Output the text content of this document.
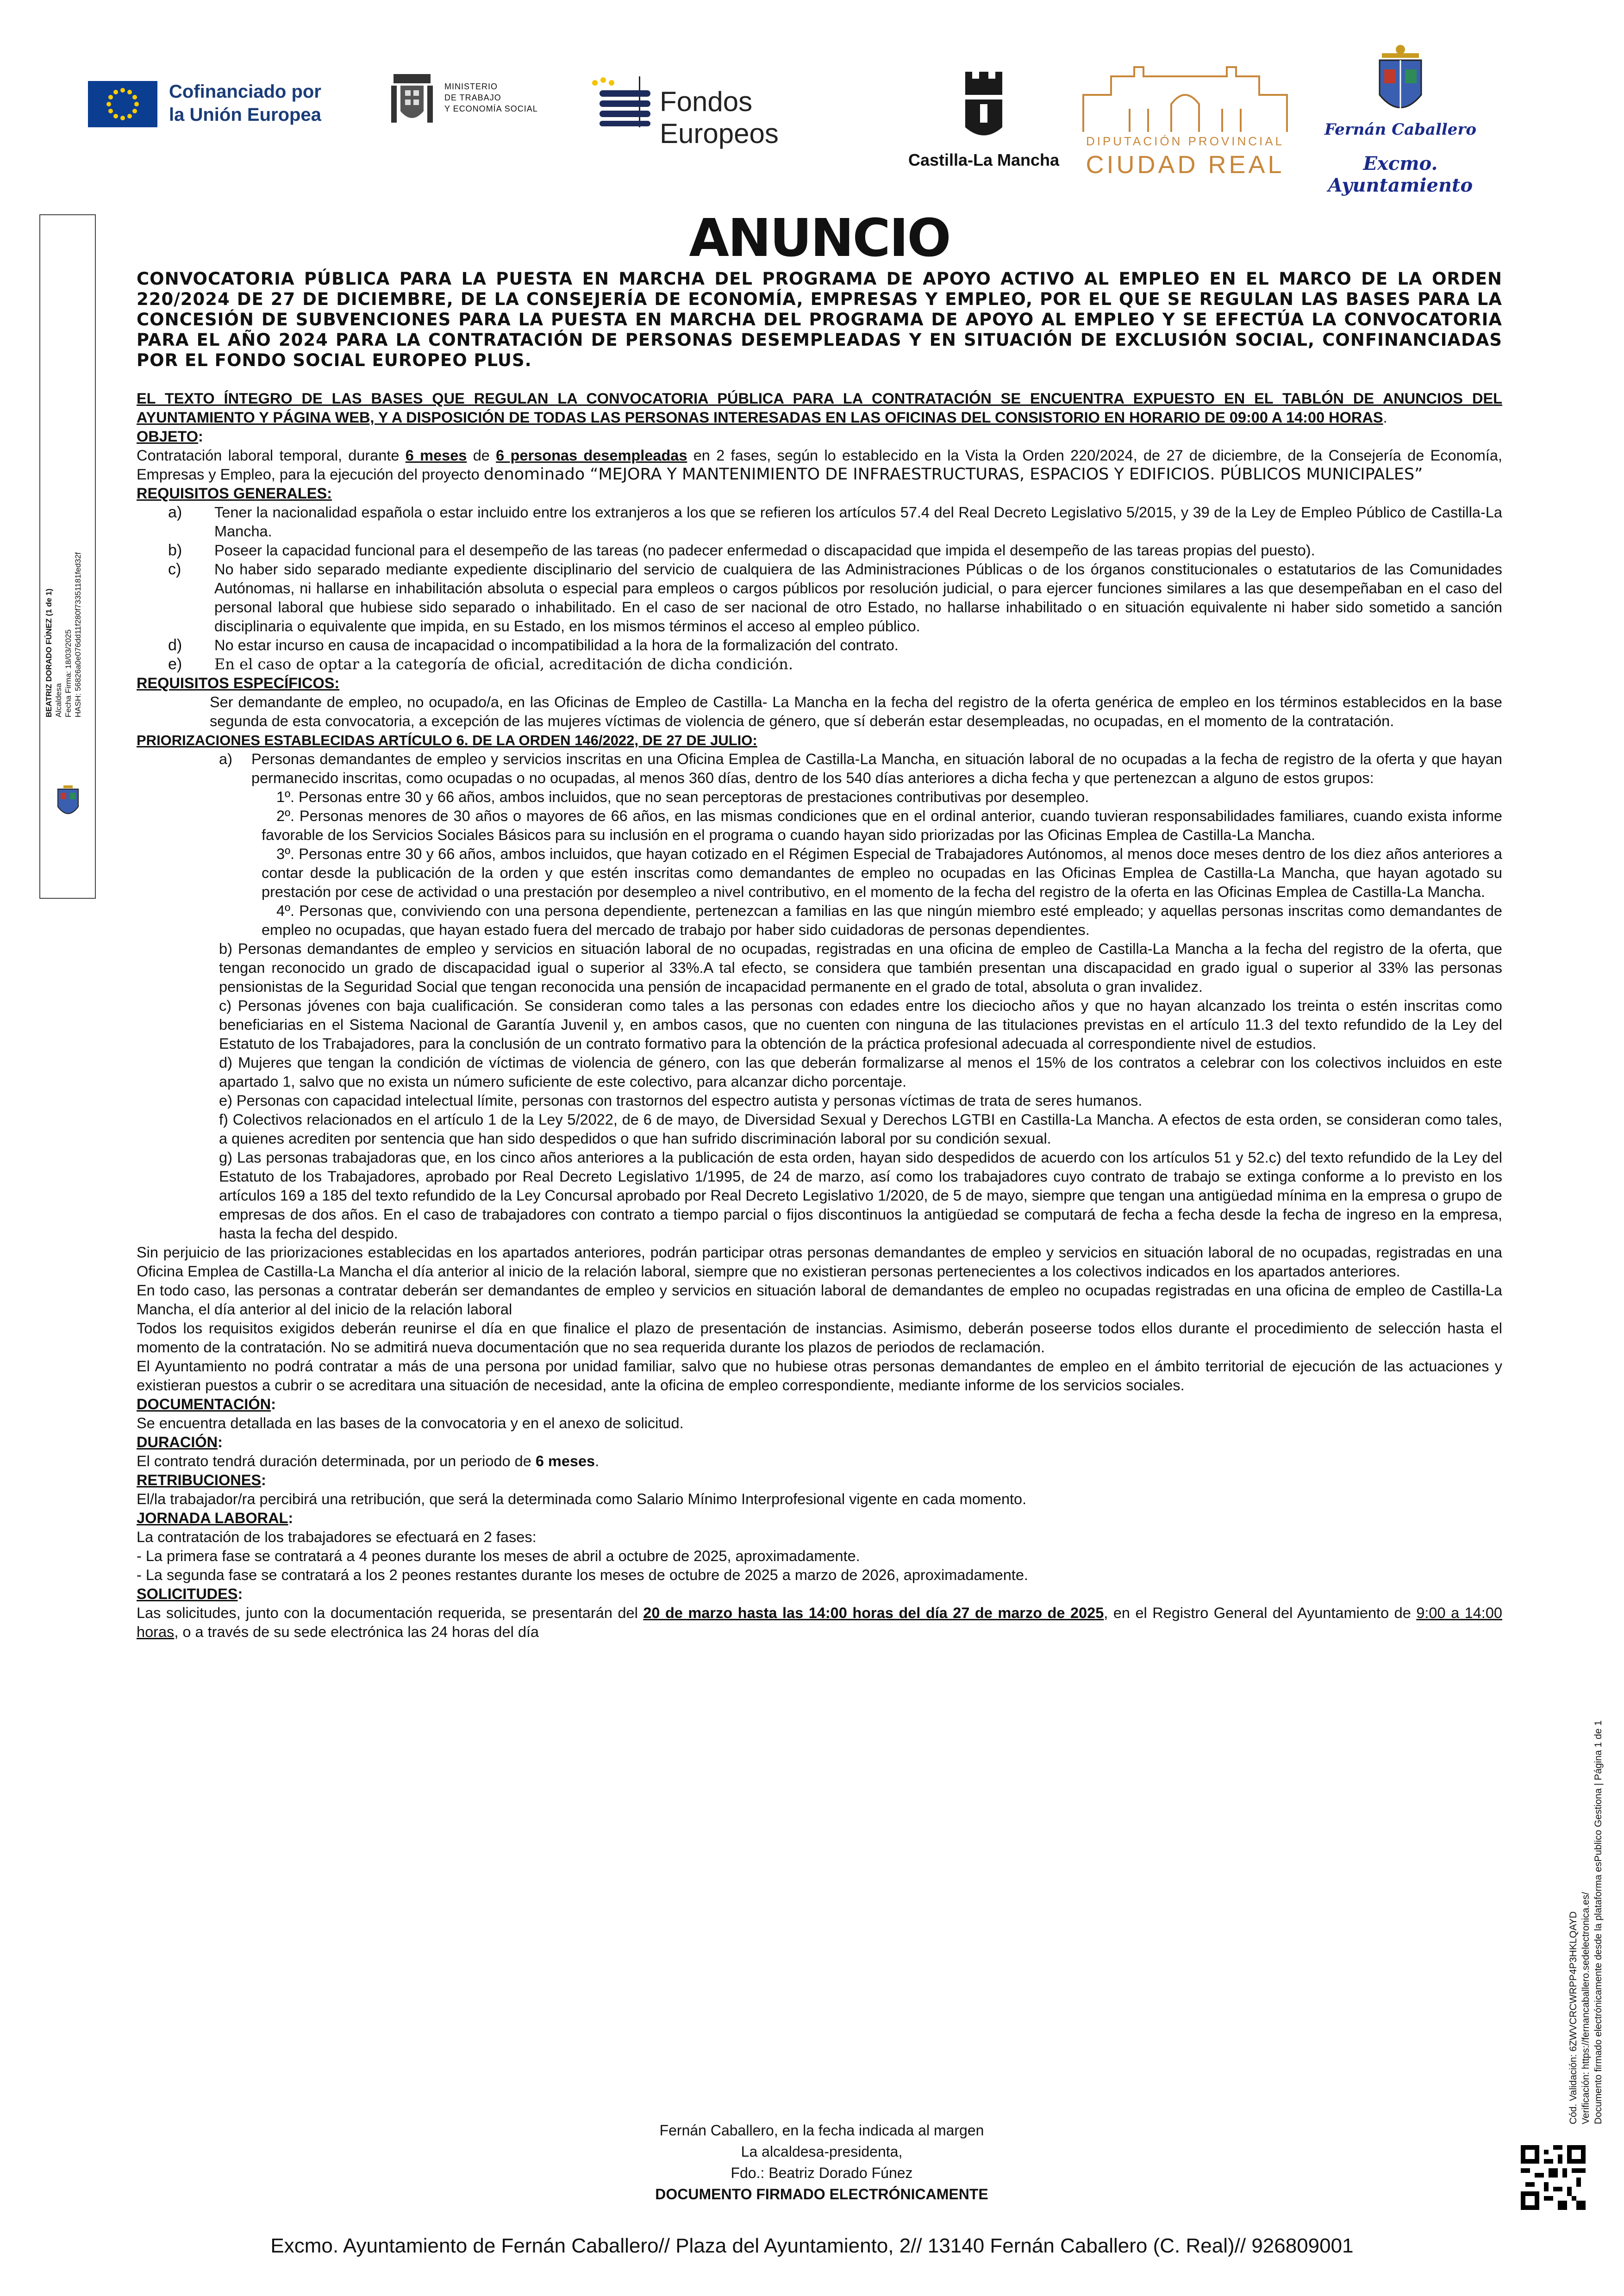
Cofinanciado por
la Unión Europea
MINISTERIO
DE TRABAJO
Y ECONOMÍA SOCIAL	Fondos Europeos
Castilla-La Mancha
DIPUTACIÓN PROVINCIAL
CIUDAD REAL
Fernán Caballero
Excmo. Ayuntamiento
BEATRIZ DORADO FÚNEZ (1 de 1) Alcaldesa Fecha Firma: 18/03/2025 HASH: 56826a0e076dd11f280f73351181fed32f
Cód. Validación: 6ZWVCRCWRPP4P3HKLQAYD Verificación: https://fernancaballero.sedelectronica.es/ Documento firmado electrónicamente desde la plataforma esPublico Gestiona | Página 1 de 1
ANUNCIO

CONVOCATORIA PÚBLICA PARA LA PUESTA EN MARCHA DEL PROGRAMA DE APOYO ACTIVO AL EMPLEO EN EL MARCO DE LA ORDEN 220/2024 DE 27 DE DICIEMBRE, DE LA CONSEJERÍA DE ECONOMÍA, EMPRESAS Y EMPLEO, POR EL QUE SE REGULAN LAS BASES PARA LA CONCESIÓN DE SUBVENCIONES PARA LA PUESTA EN MARCHA DEL PROGRAMA DE APOYO AL EMPLEO Y SE EFECTÚA LA CONVOCATORIA PARA EL AÑO 2024 PARA LA CONTRATACIÓN DE PERSONAS DESEMPLEADAS Y EN SITUACIÓN DE EXCLUSIÓN SOCIAL, CONFINANCIADAS POR EL FONDO SOCIAL EUROPEO PLUS.

EL TEXTO ÍNTEGRO DE LAS BASES QUE REGULAN LA CONVOCATORIA PÚBLICA PARA LA CONTRATACIÓN SE ENCUENTRA EXPUESTO EN EL TABLÓN DE ANUNCIOS DEL AYUNTAMIENTO Y PÁGINA WEB, Y A DISPOSICIÓN DE TODAS LAS PERSONAS INTERESADAS EN LAS OFICINAS DEL CONSISTORIO EN HORARIO DE 09:00 A 14:00 HORAS.

OBJETO:

Contratación laboral temporal, durante 6 meses de 6 personas desempleadas en 2 fases, según lo establecido en la Vista la Orden 220/2024, de 27 de diciembre, de la Consejería de Economía, Empresas y Empleo, para la ejecución del proyecto denominado “MEJORA Y MANTENIMIENTO DE INFRAESTRUCTURAS, ESPACIOS Y EDIFICIOS. PÚBLICOS MUNICIPALES”

REQUISITOS GENERALES:

a)	Tener la nacionalidad española o estar incluido entre los extranjeros a los que se refieren los artículos 57.4 del Real Decreto Legislativo 5/2015, y 39 de la Ley de Empleo Público de Castilla-La Mancha.
b)	Poseer la capacidad funcional para el desempeño de las tareas (no padecer enfermedad o discapacidad que impida el desempeño de las tareas propias del puesto).
c)	No haber sido separado mediante expediente disciplinario del servicio de cualquiera de las Administraciones Públicas o de los órganos constitucionales o estatutarios de las Comunidades Autónomas, ni hallarse en inhabilitación absoluta o especial para empleos o cargos públicos por resolución judicial, o para ejercer funciones similares a las que desempeñaban en el caso del personal laboral que hubiese sido separado o inhabilitado. En el caso de ser nacional de otro Estado, no hallarse inhabilitado o en situación equivalente ni haber sido sometido a sanción disciplinaria o equivalente que impida, en su Estado, en los mismos términos el acceso al empleo público.
d)	No estar incurso en causa de incapacidad o incompatibilidad a la hora de la formalización del contrato.
e)	En el caso de optar a la categoría de oficial, acreditación de dicha condición.

REQUISITOS ESPECÍFICOS:

Ser demandante de empleo, no ocupado/a, en las Oficinas de Empleo de Castilla- La Mancha en la fecha del registro de la oferta genérica de empleo en los términos establecidos en la base segunda de esta convocatoria, a excepción de las mujeres víctimas de violencia de género, que sí deberán estar desempleadas, no ocupadas, en el momento de la contratación.

PRIORIZACIONES ESTABLECIDAS ARTÍCULO 6. DE LA ORDEN 146/2022, DE 27 DE JULIO:

a)	Personas demandantes de empleo y servicios inscritas en una Oficina Emplea de Castilla-La Mancha, en situación laboral de no ocupadas a la fecha de registro de la oferta y que hayan permanecido inscritas, como ocupadas o no ocupadas, al menos 360 días, dentro de los 540 días anteriores a dicha fecha y que pertenezcan a alguno de estos grupos:

1º. Personas entre 30 y 66 años, ambos incluidos, que no sean perceptoras de prestaciones contributivas por desempleo.

2º. Personas menores de 30 años o mayores de 66 años, en las mismas condiciones que en el ordinal anterior, cuando tuvieran responsabilidades familiares, cuando exista informe favorable de los Servicios Sociales Básicos para su inclusión en el programa o cuando hayan sido priorizadas por las Oficinas Emplea de Castilla-La Mancha.

3º. Personas entre 30 y 66 años, ambos incluidos, que hayan cotizado en el Régimen Especial de Trabajadores Autónomos, al menos doce meses dentro de los diez años anteriores a contar desde la publicación de la orden y que estén inscritas como demandantes de empleo no ocupadas en las Oficinas Emplea de Castilla-La Mancha, que hayan agotado su prestación por cese de actividad o una prestación por desempleo a nivel contributivo, en el momento de la fecha del registro de la oferta en las Oficinas Emplea de Castilla-La Mancha.

4º. Personas que, conviviendo con una persona dependiente, pertenezcan a familias en las que ningún miembro esté empleado; y aquellas personas inscritas como demandantes de empleo no ocupadas, que hayan estado fuera del mercado de trabajo por haber sido cuidadoras de personas dependientes.

b) Personas demandantes de empleo y servicios en situación laboral de no ocupadas, registradas en una oficina de empleo de Castilla-La Mancha a la fecha del registro de la oferta, que tengan reconocido un grado de discapacidad igual o superior al 33%.A tal efecto, se considera que también presentan una discapacidad en grado igual o superior al 33% las personas pensionistas de la Seguridad Social que tengan reconocida una pensión de incapacidad permanente en el grado de total, absoluta o gran invalidez.

c) Personas jóvenes con baja cualificación. Se consideran como tales a las personas con edades entre los dieciocho años y que no hayan alcanzado los treinta o estén inscritas como beneficiarias en el Sistema Nacional de Garantía Juvenil y, en ambos casos, que no cuenten con ninguna de las titulaciones previstas en el artículo 11.3 del texto refundido de la Ley del Estatuto de los Trabajadores, para la conclusión de un contrato formativo para la obtención de la práctica profesional adecuada al correspondiente nivel de estudios.

d) Mujeres que tengan la condición de víctimas de violencia de género, con las que deberán formalizarse al menos el 15% de los contratos a celebrar con los colectivos incluidos en este apartado 1, salvo que no exista un número suficiente de este colectivo, para alcanzar dicho porcentaje.

e) Personas con capacidad intelectual límite, personas con trastornos del espectro autista y personas víctimas de trata de seres humanos.

f) Colectivos relacionados en el artículo 1 de la Ley 5/2022, de 6 de mayo, de Diversidad Sexual y Derechos LGTBI en Castilla-La Mancha. A efectos de esta orden, se consideran como tales, a quienes acrediten por sentencia que han sido despedidos o que han sufrido discriminación laboral por su condición sexual.

g) Las personas trabajadoras que, en los cinco años anteriores a la publicación de esta orden, hayan sido despedidos de acuerdo con los artículos 51 y 52.c) del texto refundido de la Ley del Estatuto de los Trabajadores, aprobado por Real Decreto Legislativo 1/1995, de 24 de marzo, así como los trabajadores cuyo contrato de trabajo se extinga conforme a lo previsto en los artículos 169 a 185 del texto refundido de la Ley Concursal aprobado por Real Decreto Legislativo 1/2020, de 5 de mayo, siempre que tengan una antigüedad mínima en la empresa o grupo de empresas de dos años. En el caso de trabajadores con contrato a tiempo parcial o fijos discontinuos la antigüedad se computará de fecha a fecha desde la fecha de ingreso en la empresa, hasta la fecha del despido.

Sin perjuicio de las priorizaciones establecidas en los apartados anteriores, podrán participar otras personas demandantes de empleo y servicios en situación laboral de no ocupadas, registradas en una Oficina Emplea de Castilla-La Mancha el día anterior al inicio de la relación laboral, siempre que no existieran personas pertenecientes a los colectivos indicados en los apartados anteriores.

En todo caso, las personas a contratar deberán ser demandantes de empleo y servicios en situación laboral de demandantes de empleo no ocupadas registradas en una oficina de empleo de Castilla-La Mancha, el día anterior al del inicio de la relación laboral

Todos los requisitos exigidos deberán reunirse el día en que finalice el plazo de presentación de instancias. Asimismo, deberán poseerse todos ellos durante el procedimiento de selección hasta el momento de la contratación. No se admitirá nueva documentación que no sea requerida durante los plazos de periodos de reclamación.

El Ayuntamiento no podrá contratar a más de una persona por unidad familiar, salvo que no hubiese otras personas demandantes de empleo en el ámbito territorial de ejecución de las actuaciones y existieran puestos a cubrir o se acreditara una situación de necesidad, ante la oficina de empleo correspondiente, mediante informe de los servicios sociales.

DOCUMENTACIÓN:

Se encuentra detallada en las bases de la convocatoria y en el anexo de solicitud.

DURACIÓN:

El contrato tendrá duración determinada, por un periodo de 6 meses.

RETRIBUCIONES:

El/la trabajador/ra percibirá una retribución, que será la determinada como Salario Mínimo Interprofesional vigente en cada momento.

JORNADA LABORAL:

La contratación de los trabajadores se efectuará en 2 fases:

- La primera fase se contratará a 4 peones durante los meses de abril a octubre de 2025, aproximadamente.

- La segunda fase se contratará a los 2 peones restantes durante los meses de octubre de 2025 a marzo de 2026, aproximadamente.

SOLICITUDES:

Las solicitudes, junto con la documentación requerida, se presentarán del 20 de marzo hasta las 14:00 horas del día 27 de marzo de 2025, en el Registro General del Ayuntamiento de 9:00 a 14:00 horas, o a través de su sede electrónica las 24 horas del día

Fernán Caballero, en la fecha indicada al margen
La alcaldesa-presidenta,
Fdo.: Beatriz Dorado Fúnez
DOCUMENTO FIRMADO ELECTRÓNICAMENTE
Excmo. Ayuntamiento de Fernán Caballero// Plaza del Ayuntamiento, 2// 13140 Fernán Caballero (C. Real)// 926809001
